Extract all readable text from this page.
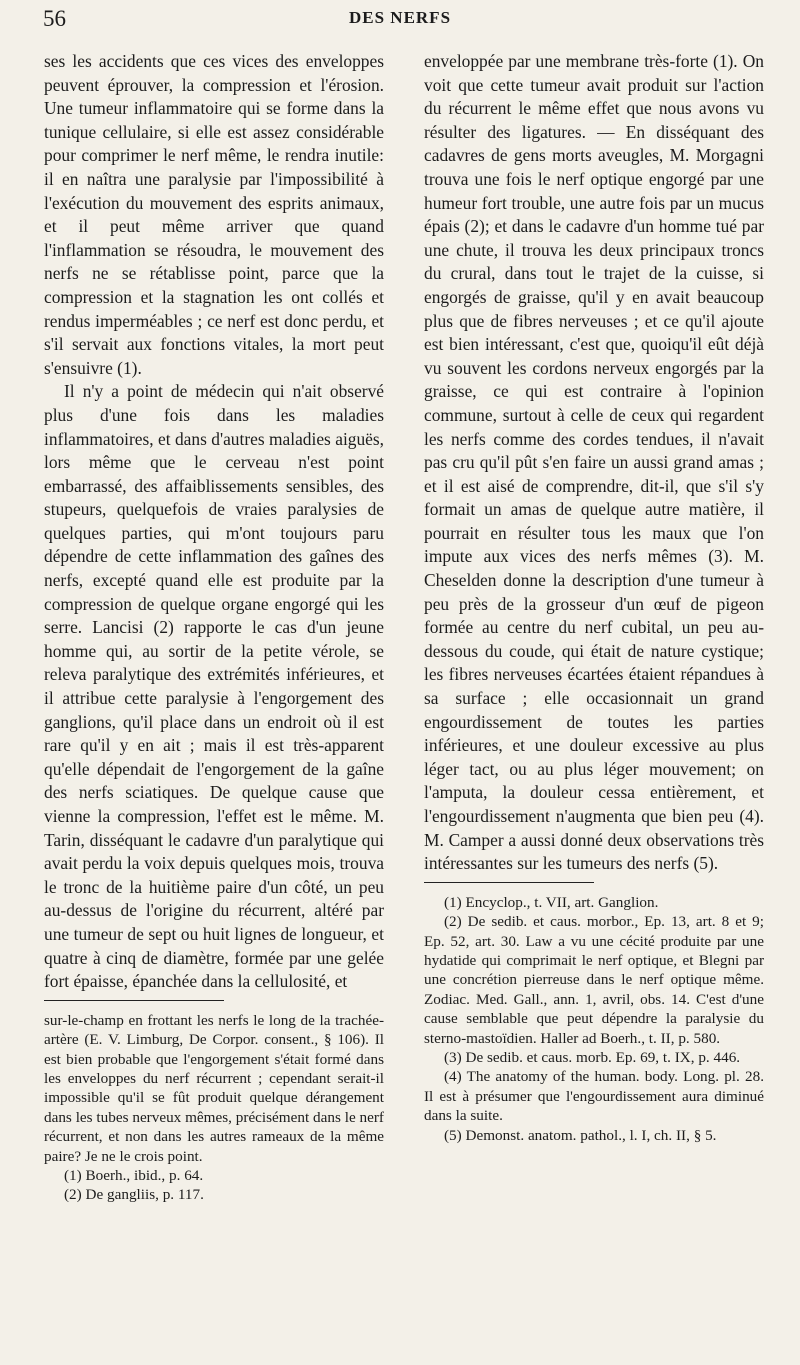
56	DES NERFS

ses les accidents que ces vices des enveloppes peuvent éprouver, la compression et l'érosion. Une tumeur inflammatoire qui se forme dans la tunique cellulaire, si elle est assez considérable pour comprimer le nerf même, le rendra inutile: il en naîtra une paralysie par l'impossibilité à l'exécution du mouvement des esprits animaux, et il peut même arriver que quand l'inflammation se résoudra, le mouvement des nerfs ne se rétablisse point, parce que la compression et la stagnation les ont collés et rendus imperméables ; ce nerf est donc perdu, et s'il servait aux fonctions vitales, la mort peut s'ensuivre (1).

Il n'y a point de médecin qui n'ait observé plus d'une fois dans les maladies inflammatoires, et dans d'autres maladies aiguës, lors même que le cerveau n'est point embarrassé, des affaiblissements sensibles, des stupeurs, quelquefois de vraies paralysies de quelques parties, qui m'ont toujours paru dépendre de cette inflammation des gaînes des nerfs, excepté quand elle est produite par la compression de quelque organe engorgé qui les serre. Lancisi (2) rapporte le cas d'un jeune homme qui, au sortir de la petite vérole, se releva paralytique des extrémités inférieures, et il attribue cette paralysie à l'engorgement des ganglions, qu'il place dans un endroit où il est rare qu'il y en ait ; mais il est très-apparent qu'elle dépendait de l'engorgement de la gaîne des nerfs sciatiques. De quelque cause que vienne la compression, l'effet est le même. M. Tarin, disséquant le cadavre d'un paralytique qui avait perdu la voix depuis quelques mois, trouva le tronc de la huitième paire d'un côté, un peu au-dessus de l'origine du récurrent, altéré par une tumeur de sept ou huit lignes de longueur, et quatre à cinq de diamètre, formée par une gelée fort épaisse, épanchée dans la cellulosité, et

sur-le-champ en frottant les nerfs le long de la trachée-artère (E. V. Limburg, De Corpor. consent., § 106). Il est bien probable que l'engorgement s'était formé dans les enveloppes du nerf récurrent ; cependant serait-il impossible qu'il se fût produit quelque dérangement dans les tubes nerveux mêmes, précisément dans le nerf récurrent, et non dans les autres rameaux de la même paire? Je ne le crois point.

(1) Boerh., ibid., p. 64.

(2) De gangliis, p. 117.

enveloppée par une membrane très-forte (1). On voit que cette tumeur avait produit sur l'action du récurrent le même effet que nous avons vu résulter des ligatures. — En disséquant des cadavres de gens morts aveugles, M. Morgagni trouva une fois le nerf optique engorgé par une humeur fort trouble, une autre fois par un mucus épais (2); et dans le cadavre d'un homme tué par une chute, il trouva les deux principaux troncs du crural, dans tout le trajet de la cuisse, si engorgés de graisse, qu'il y en avait beaucoup plus que de fibres nerveuses ; et ce qu'il ajoute est bien intéressant, c'est que, quoiqu'il eût déjà vu souvent les cordons nerveux engorgés par la graisse, ce qui est contraire à l'opinion commune, surtout à celle de ceux qui regardent les nerfs comme des cordes tendues, il n'avait pas cru qu'il pût s'en faire un aussi grand amas ; et il est aisé de comprendre, dit-il, que s'il s'y formait un amas de quelque autre matière, il pourrait en résulter tous les maux que l'on impute aux vices des nerfs mêmes (3). M. Cheselden donne la description d'une tumeur à peu près de la grosseur d'un œuf de pigeon formée au centre du nerf cubital, un peu au-dessous du coude, qui était de nature cystique; les fibres nerveuses écartées étaient répandues à sa surface ; elle occasionnait un grand engourdissement de toutes les parties inférieures, et une douleur excessive au plus léger tact, ou au plus léger mouvement; on l'amputa, la douleur cessa entièrement, et l'engourdissement n'augmenta que bien peu (4). M. Camper a aussi donné deux observations très intéressantes sur les tumeurs des nerfs (5).

(1) Encyclop., t. VII, art. Ganglion.

(2) De sedib. et caus. morbor., Ep. 13, art. 8 et 9; Ep. 52, art. 30. Law a vu une cécité produite par une hydatide qui comprimait le nerf optique, et Blegni par une concrétion pierreuse dans le nerf optique même. Zodiac. Med. Gall., ann. 1, avril, obs. 14. C'est d'une cause semblable que peut dépendre la paralysie du sterno-mastoïdien. Haller ad Boerh., t. II, p. 580.

(3) De sedib. et caus. morb. Ep. 69, t. IX, p. 446.

(4) The anatomy of the human. body. Long. pl. 28. Il est à présumer que l'engourdissement aura diminué dans la suite.

(5) Demonst. anatom. pathol., l. I, ch. II, § 5.
